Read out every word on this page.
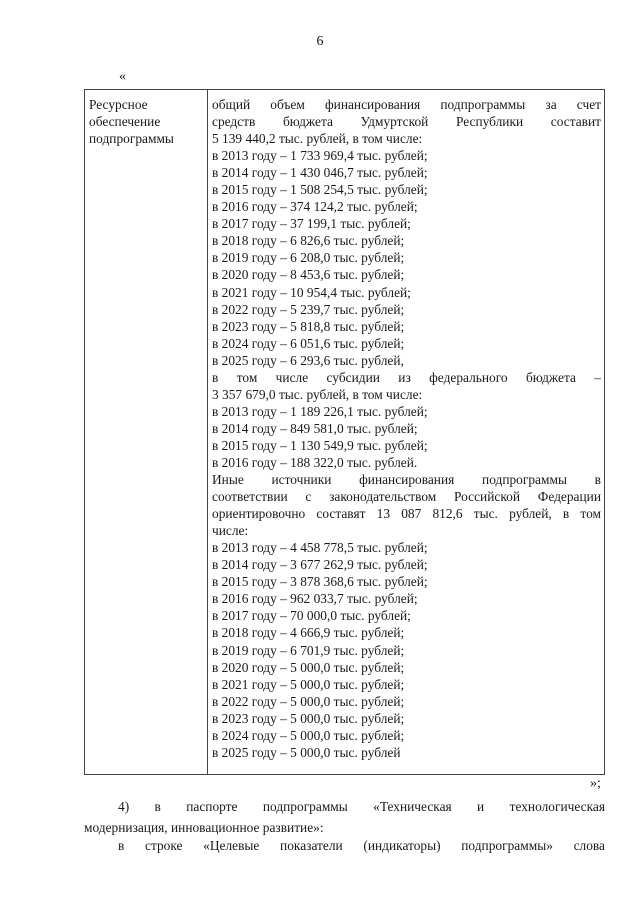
6
«
Ресурсное
обеспечение
подпрограммы
общий объем финансирования подпрограммы за счет
средств бюджета Удмуртской Республики составит
5 139 440,2 тыс. рублей, в том числе:
в 2013 году – 1 733 969,4 тыс. рублей;
в 2014 году – 1 430 046,7 тыс. рублей;
в 2015 году – 1 508 254,5 тыс. рублей;
в 2016 году – 374 124,2 тыс. рублей;
в 2017 году – 37 199,1 тыс. рублей;
в 2018 году – 6 826,6 тыс. рублей;
в 2019 году – 6 208,0 тыс. рублей;
в 2020 году – 8 453,6 тыс. рублей;
в 2021 году – 10 954,4 тыс. рублей;
в 2022 году – 5 239,7 тыс. рублей;
в 2023 году – 5 818,8 тыс. рублей;
в 2024 году – 6 051,6 тыс. рублей;
в 2025 году – 6 293,6 тыс. рублей,
в том числе субсидии из федерального бюджета –
3 357 679,0 тыс. рублей, в том числе:
в 2013 году – 1 189 226,1 тыс. рублей;
в 2014 году – 849 581,0 тыс. рублей;
в 2015 году – 1 130 549,9 тыс. рублей;
в 2016 году – 188 322,0 тыс. рублей.
Иные источники финансирования подпрограммы в
соответствии с законодательством Российской Федерации
ориентировочно составят 13 087 812,6 тыс. рублей, в том
числе:
в 2013 году – 4 458 778,5 тыс. рублей;
в 2014 году – 3 677 262,9 тыс. рублей;
в 2015 году – 3 878 368,6 тыс. рублей;
в 2016 году – 962 033,7 тыс. рублей;
в 2017 году – 70 000,0 тыс. рублей;
в 2018 году – 4 666,9 тыс. рублей;
в 2019 году – 6 701,9 тыс. рублей;
в 2020 году – 5 000,0 тыс. рублей;
в 2021 году – 5 000,0 тыс. рублей;
в 2022 году – 5 000,0 тыс. рублей;
в 2023 году – 5 000,0 тыс. рублей;
в 2024 году – 5 000,0 тыс. рублей;
в 2025 году – 5 000,0 тыс. рублей
»;
4) в паспорте подпрограммы «Техническая и технологическая
модернизация, инновационное развитие»:
в строке «Целевые показатели (индикаторы) подпрограммы» слова
